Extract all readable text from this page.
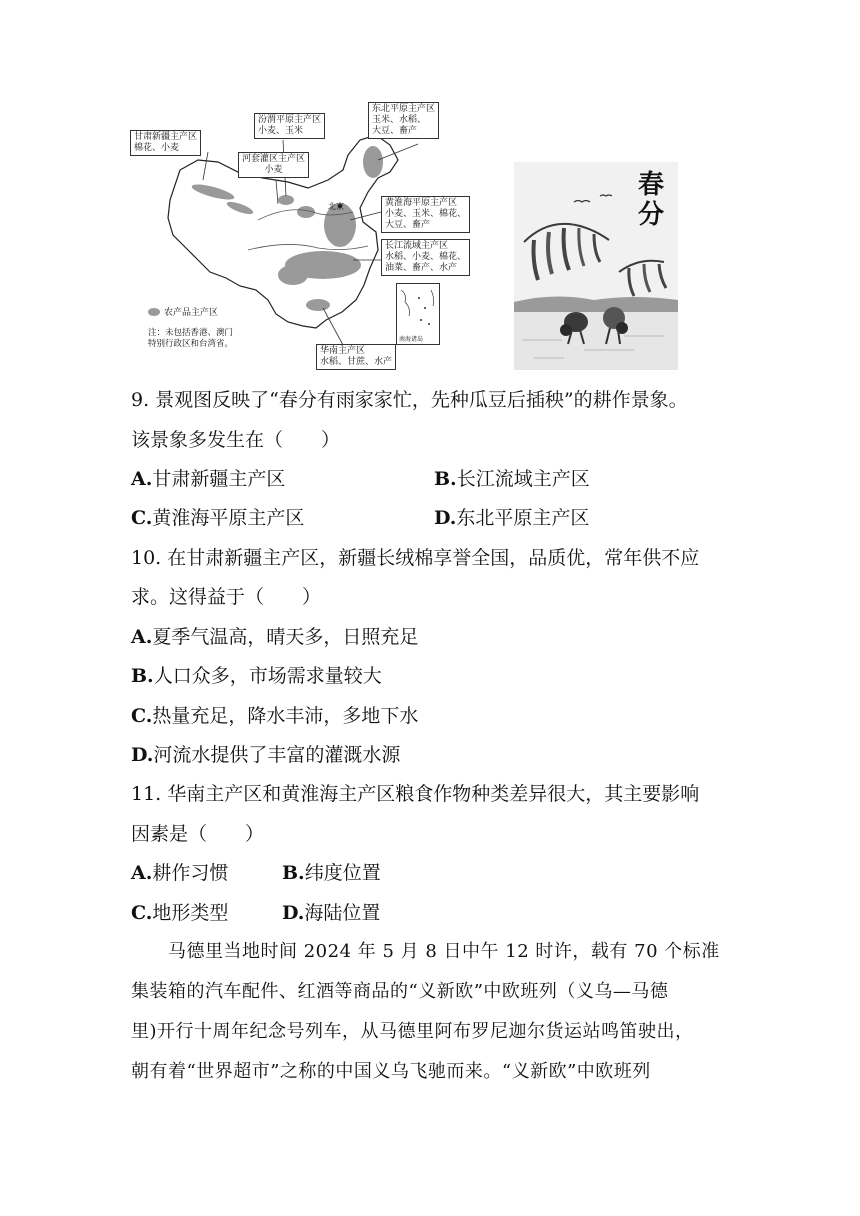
甘肃新疆主产区
棉花、小麦
汾渭平原主产区
小麦、玉米
河套灌区主产区
小麦
东北平原主产区
玉米、水稻、
大豆、畜产
黄淮海平原主产区
小麦、玉米、棉花、
大豆、畜产
长江流域主产区
水稻、小麦、棉花、
油菜、畜产、水产
华南主产区
水稻、甘蔗、水产
北京
农产品主产区
注：未包括香港、澳门
特别行政区和台湾省。	南海诸岛
春
分
9. 景观图反映了“春分有雨家家忙，先种瓜豆后插秧”的耕作景象。
该景象多发生在（　　）
A.甘肃新疆主产区	B.长江流域主产区
C.黄淮海平原主产区	D.东北平原主产区
10. 在甘肃新疆主产区，新疆长绒棉享誉全国，品质优，常年供不应
求。这得益于（　　）
A.夏季气温高，晴天多，日照充足
B.人口众多，市场需求量较大
C.热量充足，降水丰沛，多地下水
D.河流水提供了丰富的灌溉水源
11. 华南主产区和黄淮海主产区粮食作物种类差异很大，其主要影响
因素是（　　）
A.耕作习惯	B.纬度位置
C.地形类型	D.海陆位置
马德里当地时间 2024 年 5 月 8 日中午 12 时许，载有 70 个标准
集装箱的汽车配件、红酒等商品的“义新欧”中欧班列（义乌—马德
里)开行十周年纪念号列车，从马德里阿布罗尼迦尔货运站鸣笛驶出，
朝有着“世界超市”之称的中国义乌飞驰而来。“义新欧”中欧班列
